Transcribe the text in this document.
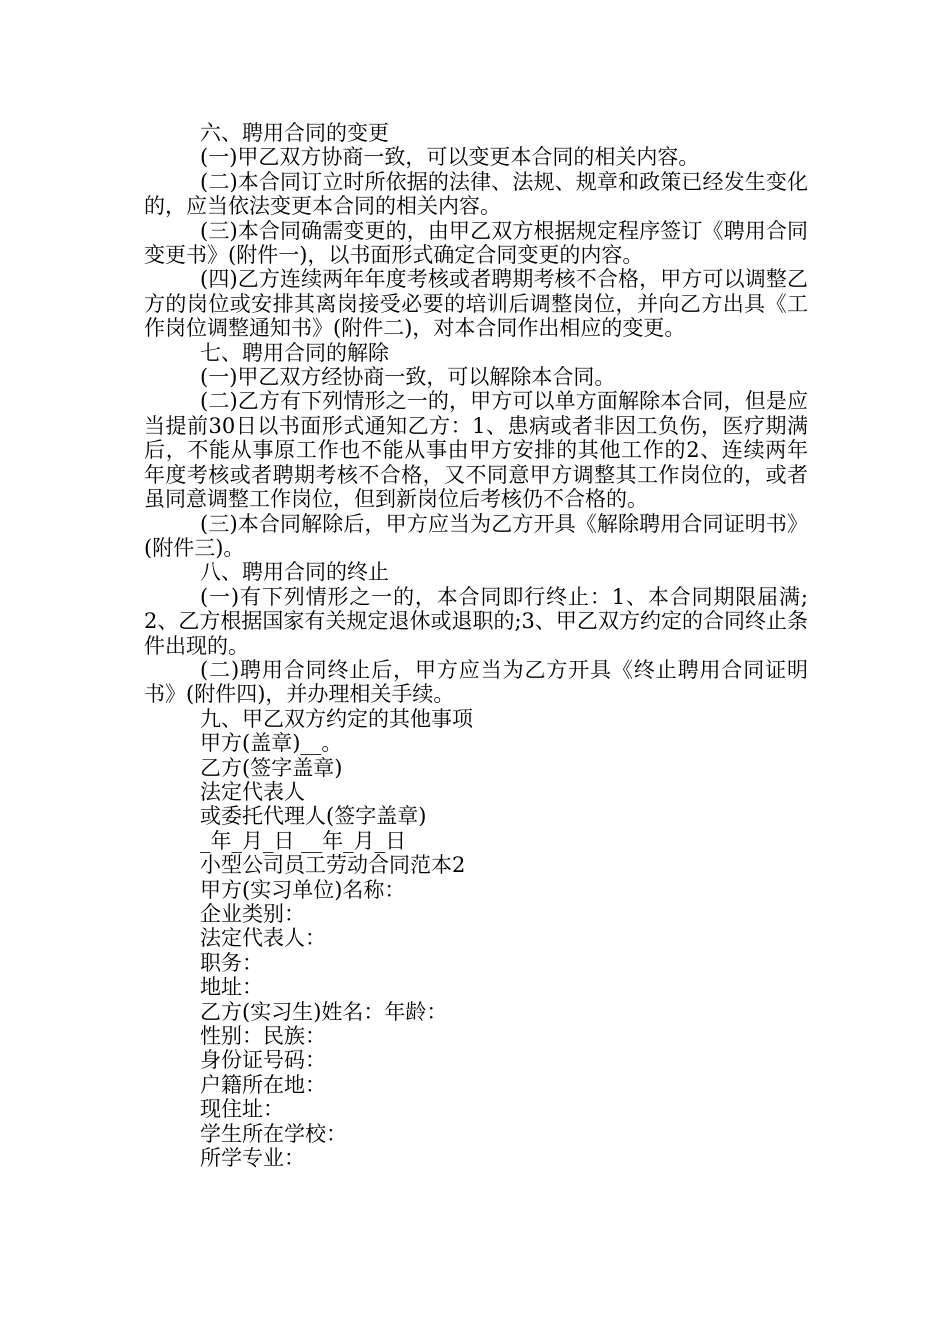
六、聘用合同的变更

(一)甲乙双方协商一致，可以变更本合同的相关内容。

(二)本合同订立时所依据的法律、法规、规章和政策已经发生变化的，应当依法变更本合同的相关内容。

(三)本合同确需变更的，由甲乙双方根据规定程序签订《聘用合同变更书》(附件一)，以书面形式确定合同变更的内容。

(四)乙方连续两年年度考核或者聘期考核不合格，甲方可以调整乙方的岗位或安排其离岗接受必要的培训后调整岗位，并向乙方出具《工作岗位调整通知书》(附件二)，对本合同作出相应的变更。

七、聘用合同的解除

(一)甲乙双方经协商一致，可以解除本合同。

(二)乙方有下列情形之一的，甲方可以单方面解除本合同，但是应当提前30日以书面形式通知乙方：1、患病或者非因工负伤，医疗期满后，不能从事原工作也不能从事由甲方安排的其他工作的2、连续两年年度考核或者聘期考核不合格，又不同意甲方调整其工作岗位的，或者虽同意调整工作岗位，但到新岗位后考核仍不合格的。

(三)本合同解除后，甲方应当为乙方开具《解除聘用合同证明书》(附件三)。

八、聘用合同的终止

(一)有下列情形之一的，本合同即行终止：1、本合同期限届满;2、乙方根据国家有关规定退休或退职的;3、甲乙双方约定的合同终止条件出现的。

(二)聘用合同终止后，甲方应当为乙方开具《终止聘用合同证明书》(附件四)，并办理相关手续。

九、甲乙双方约定的其他事项

甲方(盖章)__。

乙方(签字盖章)

法定代表人

或委托代理人(签字盖章)

_年_月_日 __年_月_日

小型公司员工劳动合同范本2

甲方(实习单位)名称：

企业类别：

法定代表人：

职务：

地址：

乙方(实习生)姓名：年龄：

性别：民族：

身份证号码：

户籍所在地：

现住址：

学生所在学校：

所学专业：
